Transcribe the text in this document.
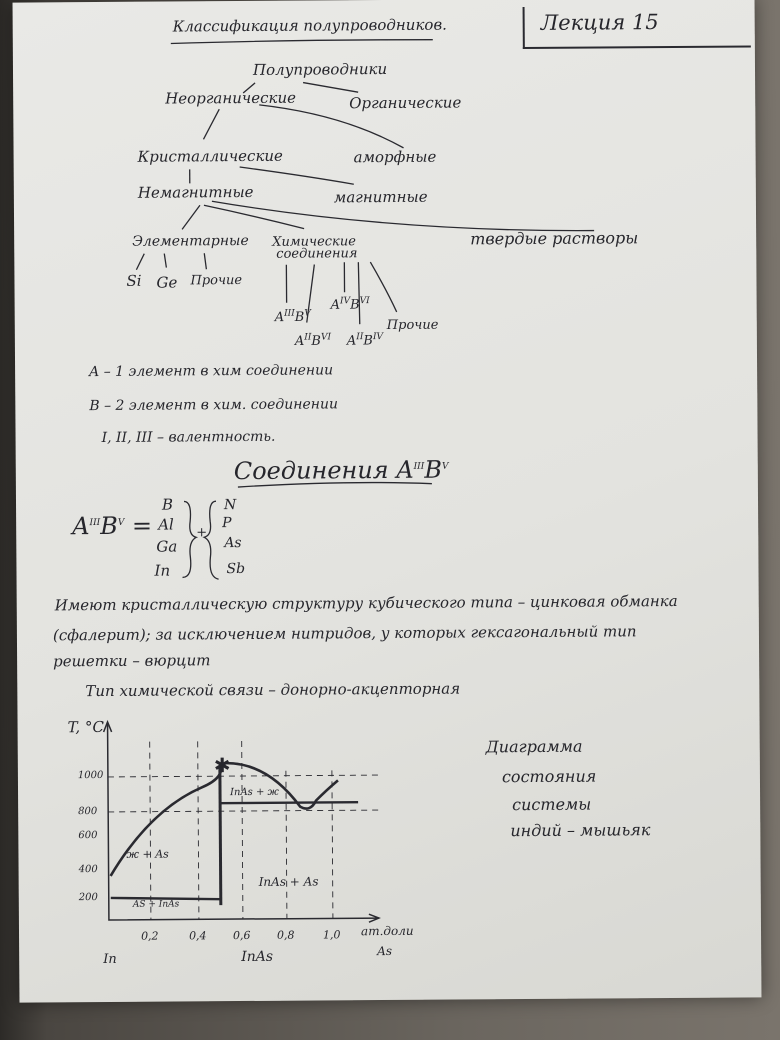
Классификация полупроводников.	Лекция 15
Полупроводники
Неорганические	Органические
Кристаллические	аморфные
Немагнитные	магнитные
Элементарные Химические
соединения
твердые растворы
Si Ge Прочие
$A^{III}B^V$
$A^{II}B^{VI}$
$A^{IV}B^{VI}$
$A^{II}B^{IV}$
Прочие
A – 1 элемент в хим соединении
B – 2 элемент в хим. соединении
I, II, III – валентность.
Соединения $A^{III}B^V$
$A^{III}B^V$ =
B
Al
Ga
In
+
N
P
As
Sb
Имеют кристаллическую структуру кубического типа – цинковая обманка
(сфалерит); за исключением нитридов, у которых гексагональный тип
решетки – вюрцит
Тип химической связи – донорно-акцепторная
T, °C
200
400
600
800
1000
0,2	0,4 0,6 0,8	1,0 ат.доли
As
In	InAs
✱
ж + As
AS + InAs
InAs + ж
InAs + As
Диаграмма
состояния
системы
индий – мышьяк
